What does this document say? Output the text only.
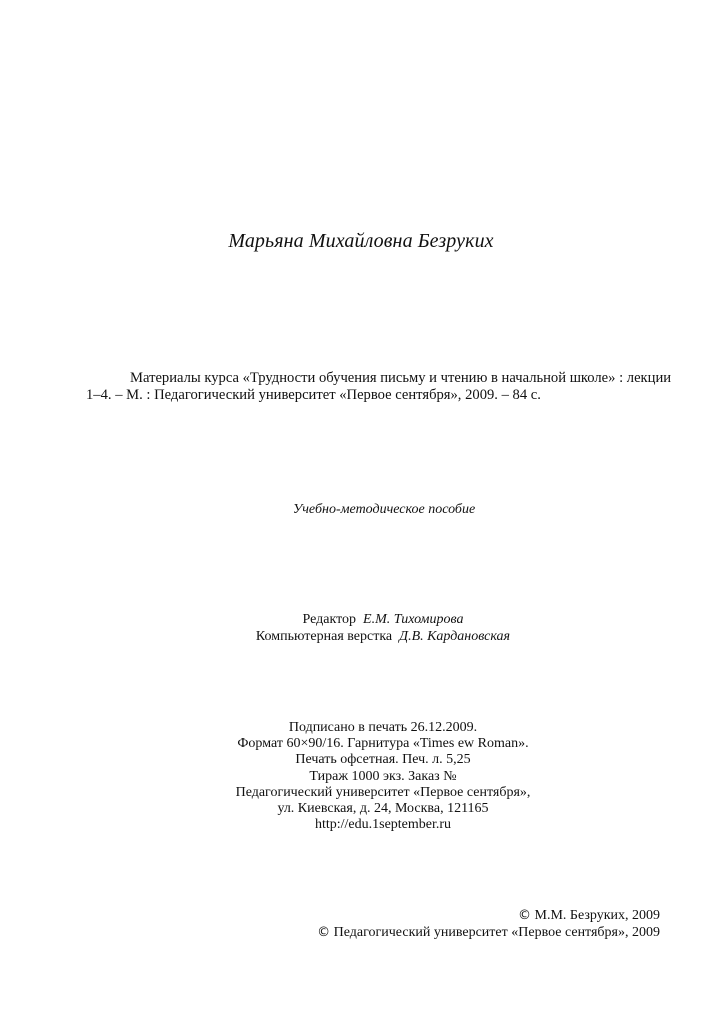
Марьяна Михайловна Безруких
Материалы курса «Трудности обучения письму и чтению в начальной школе» : лекции
1–4. – М. : Педагогический университет «Первое сентября», 2009. – 84 с.
Учебно-методическое пособие
Редактор Е.М. Тихомирова
Компьютерная верстка Д.В. Кардановская
Подписано в печать 26.12.2009.
Формат 60×90/16. Гарнитура «Times ew Roman».
Печать офсетная. Печ. л. 5,25
Тираж 1000 экз. Заказ №
Педагогический университет «Первое сентября»,
ул. Киевская, д. 24, Москва, 121165
http://edu.1september.ru
© М.М. Безруких, 2009
© Педагогический университет «Первое сентября», 2009
